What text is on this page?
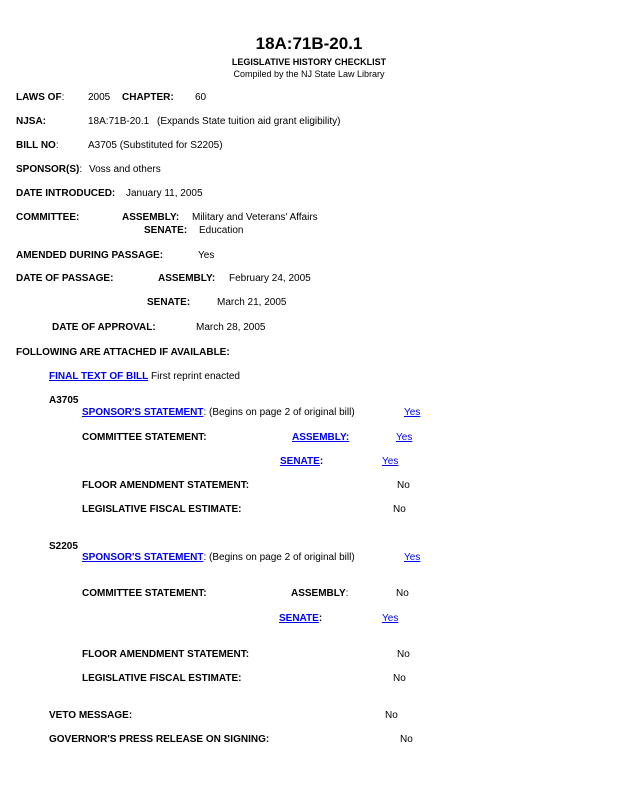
18A:71B-20.1
LEGISLATIVE HISTORY CHECKLIST
Compiled by the NJ State Law Library
LAWS OF: 2005 CHAPTER: 60
NJSA:	18A:71B-20.1 (Expands State tuition aid grant eligibility)
BILL NO:	A3705 (Substituted for S2205)
SPONSOR(S): Voss and others
DATE INTRODUCED: January 11, 2005
COMMITTEE:	ASSEMBLY: Military and Veterans' Affairs
SENATE: Education
AMENDED DURING PASSAGE:	Yes
DATE OF PASSAGE:	ASSEMBLY: February 24, 2005
SENATE:	March 21, 2005
DATE OF APPROVAL:	March 28, 2005
FOLLOWING ARE ATTACHED IF AVAILABLE:
FINAL TEXT OF BILL First reprint enacted
A3705
SPONSOR'S STATEMENT: (Begins on page 2 of original bill)	Yes
COMMITTEE STATEMENT:	ASSEMBLY:	Yes
SENATE:	Yes
FLOOR AMENDMENT STATEMENT:	No
LEGISLATIVE FISCAL ESTIMATE:	No
S2205
SPONSOR'S STATEMENT: (Begins on page 2 of original bill)	Yes
COMMITTEE STATEMENT:	ASSEMBLY:	No
SENATE:	Yes
FLOOR AMENDMENT STATEMENT:	No
LEGISLATIVE FISCAL ESTIMATE:	No
VETO MESSAGE:	No
GOVERNOR'S PRESS RELEASE ON SIGNING:	No
